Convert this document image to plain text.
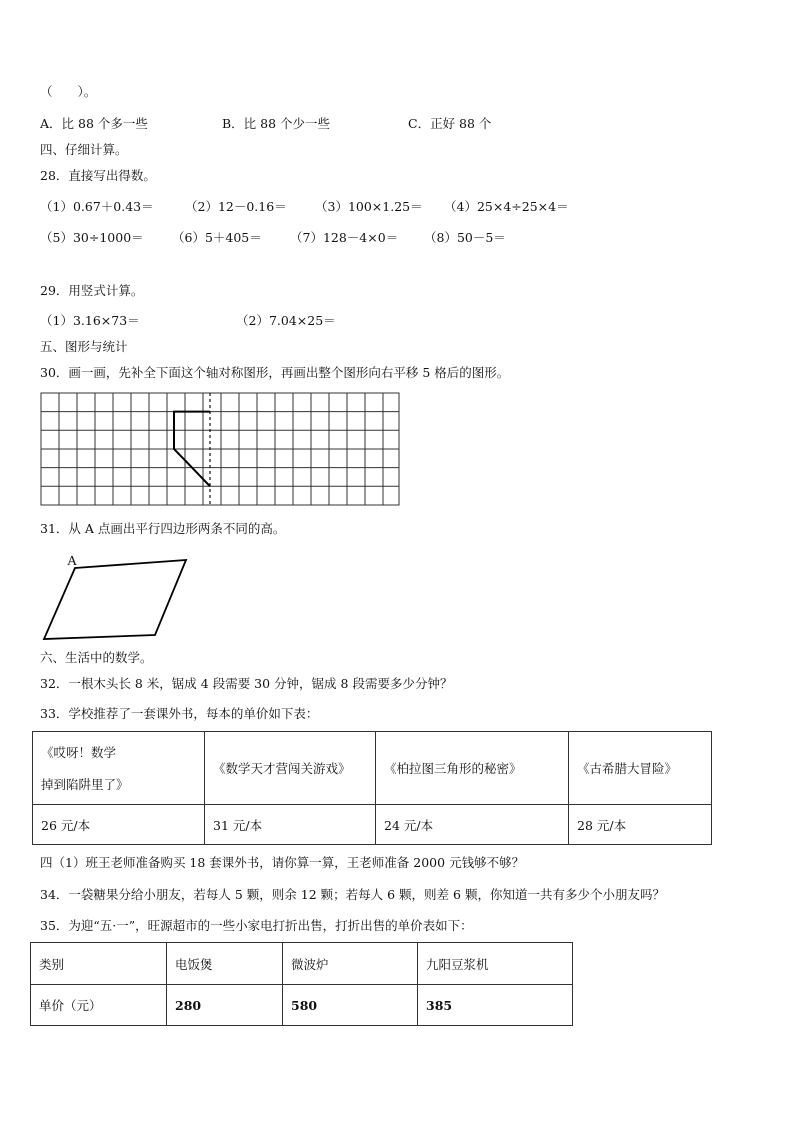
（　　）。
A．比 88 个多一些	B．比 88 个少一些	C．正好 88 个
四、仔细计算。
28．直接写出得数。
（1）0.67＋0.43＝	（2）12－0.16＝ （3）100×1.25＝ （4）25×4÷25×4＝
（5）30÷1000＝ （6）5＋405＝ （7）128－4×0＝ （8）50－5＝
29．用竖式计算。
（1）3.16×73＝	（2）7.04×25＝
五、图形与统计
30．画一画，先补全下面这个轴对称图形，再画出整个图形向右平移 5 格后的图形。
31．从 A 点画出平行四边形两条不同的高。
A
六、生活中的数学。
32．一根木头长 8 米，锯成 4 段需要 30 分钟，锯成 8 段需要多少分钟？
33．学校推荐了一套课外书，每本的单价如下表：
《哎呀！数学
掉到陷阱里了》	《数学天才营闯关游戏》	《柏拉图三角形的秘密》	《古希腊大冒险》
26 元/本	31 元/本	24 元/本	28 元/本
四（1）班王老师准备购买 18 套课外书，请你算一算，王老师准备 2000 元钱够不够？
34．一袋糖果分给小朋友，若每人 5 颗，则余 12 颗；若每人 6 颗，则差 6 颗，你知道一共有多少个小朋友吗？
35．为迎“五·一”，旺源超市的一些小家电打折出售，打折出售的单价表如下：
类别	电饭煲	微波炉	九阳豆浆机
单价（元）	280	580	385
